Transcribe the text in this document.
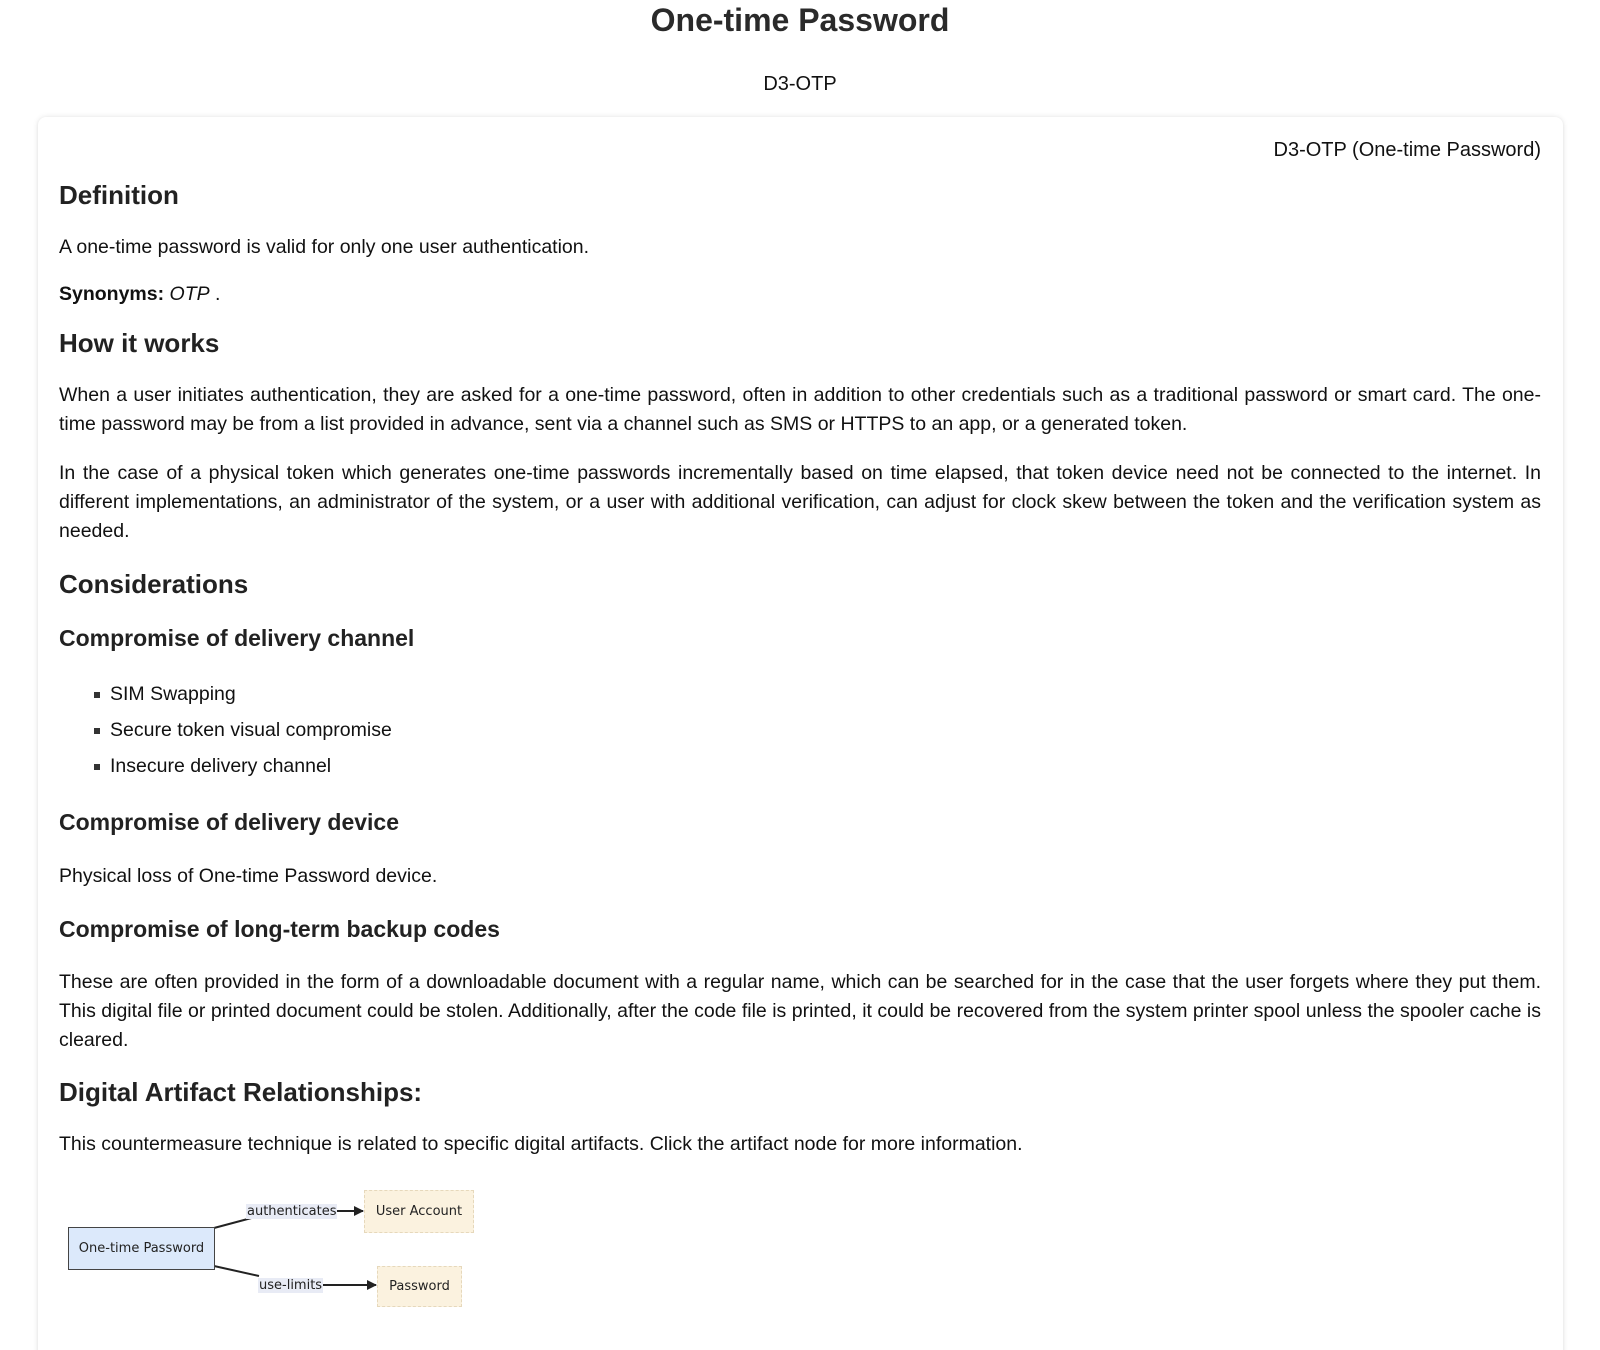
One-time Password
D3-OTP
D3-OTP (One-time Password)
Definition
A one-time password is valid for only one user authentication.
Synonyms: OTP .
How it works
When a user initiates authentication, they are asked for a one-time password, often in addition to other credentials such as a traditional password or smart card. The one-time password may be from a list provided in advance, sent via a channel such as SMS or HTTPS to an app, or a generated token.
In the case of a physical token which generates one-time passwords incrementally based on time elapsed, that token device need not be connected to the internet. In different implementations, an administrator of the system, or a user with additional verification, can adjust for clock skew between the token and the verification system as needed.
Considerations
Compromise of delivery channel
SIM Swapping
Secure token visual compromise
Insecure delivery channel
Compromise of delivery device
Physical loss of One-time Password device.
Compromise of long-term backup codes
These are often provided in the form of a downloadable document with a regular name, which can be searched for in the case that the user forgets where they put them. This digital file or printed document could be stolen. Additionally, after the code file is printed, it could be recovered from the system printer spool unless the spooler cache is cleared.
Digital Artifact Relationships:
This countermeasure technique is related to specific digital artifacts. Click the artifact node for more information.
One-time Password
authenticates
use-limits
User Account
Password
